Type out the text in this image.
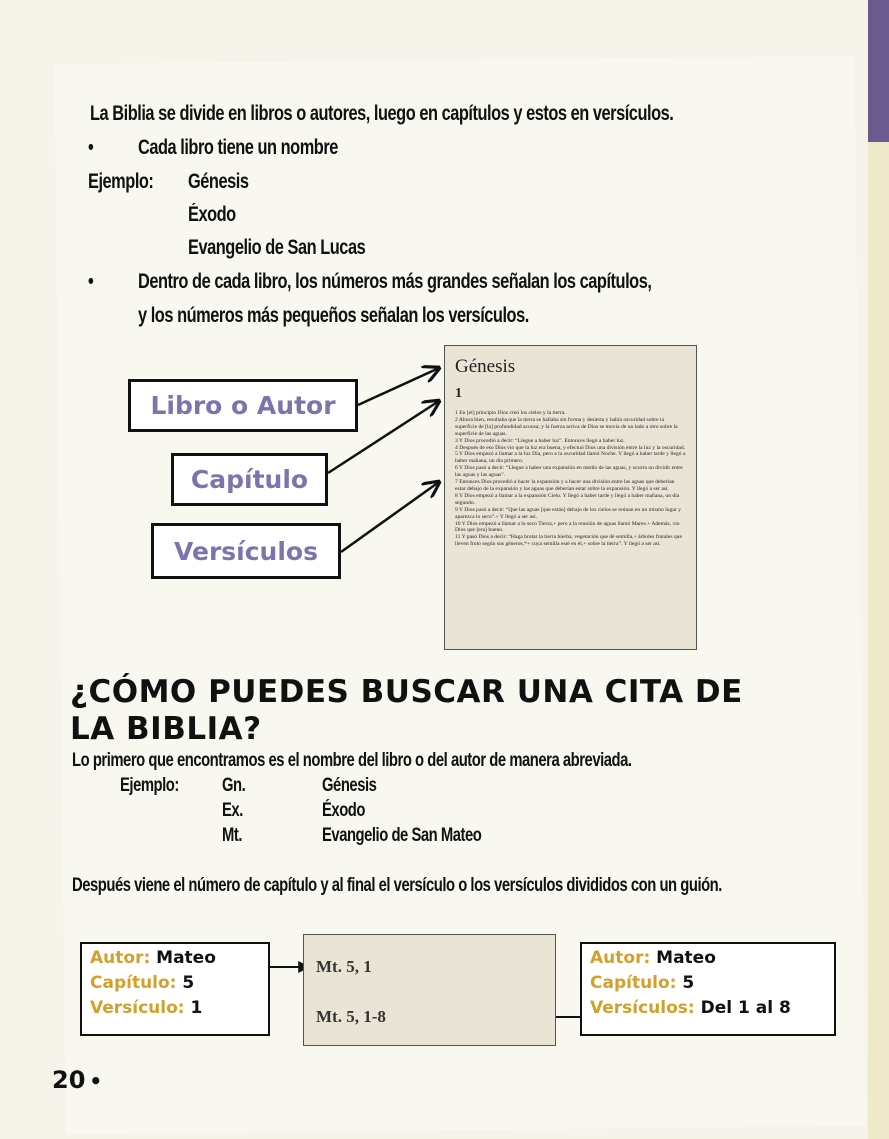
La Biblia se divide en libros o autores, luego en capítulos y estos en versículos.
• Cada libro tiene un nombre
Ejemplo: Génesis
Éxodo
Evangelio de San Lucas
• Dentro de cada libro, los números más grandes señalan los capítulos,
y los números más pequeños señalan los versículos.
Libro o Autor
Capítulo
Versículos
Génesis
1
1 En [el] principio Dios creó los cielos y la tierra.
2 Ahora bien, resultaba que la tierra se hallaba sin forma y desierta y había oscuridad sobre la superficie de [la] profundidad acuosa; y la fuerza activa de Dios se movía de un lado a otro sobre la superficie de las aguas.
3 Y Dios procedió a decir: “Llegue a haber luz”. Entonces llegó a haber luz.
4 Después de eso Dios vio que la luz era buena, y efectuó Dios una división entre la luz y la oscuridad.
5 Y Dios empezó a llamar a la luz Día, pero a la oscuridad llamó Noche. Y llegó a haber tarde y llegó a haber mañana, un día primero.
6 Y Dios pasó a decir: “Llegue a haber una expansión en medio de las aguas, y ocurra un dividir entre las aguas y las aguas”.
7 Entonces Dios procedió a hacer la expansión y a hacer una división entre las aguas que deberían estar debajo de la expansión y las aguas que deberían estar sobre la expansión. Y llegó a ser así.
8 Y Dios empezó a llamar a la expansión Cielo. Y llegó a haber tarde y llegó a haber mañana, un día segundo.
9 Y Dios pasó a decir: “Que las aguas [que están] debajo de los cielos se reúnan en un mismo lugar y aparezca lo seco”.+ Y llegó a ser así.
10 Y Dios empezó a llamar a lo seco Tierra,+ pero a la reunión de aguas llamó Mares.+ Además, vio Dios que [era] bueno.
11 Y pasó Dios a decir: “Haga brotar la tierra hierba, vegetación que dé semilla,+ árboles frutales que lleven fruto según sus géneros,*+ cuya semilla esté en él,+ sobre la tierra”. Y llegó a ser así.
¿CÓMO PUEDES BUSCAR UNA CITA DE LA BIBLIA?
Lo primero que encontramos es el nombre del libro o del autor de manera abreviada.
Ejemplo: Gn.	Génesis
Ex.	Éxodo
Mt.	Evangelio de San Mateo
Después viene el número de capítulo y al final el versículo o los versículos divididos con un guión.
Autor: Mateo
Capítulo: 5
Versículo: 1
Mt. 5, 1
Mt. 5, 1-8
Autor: Mateo
Capítulo: 5
Versículos: Del 1 al 8
20 •
